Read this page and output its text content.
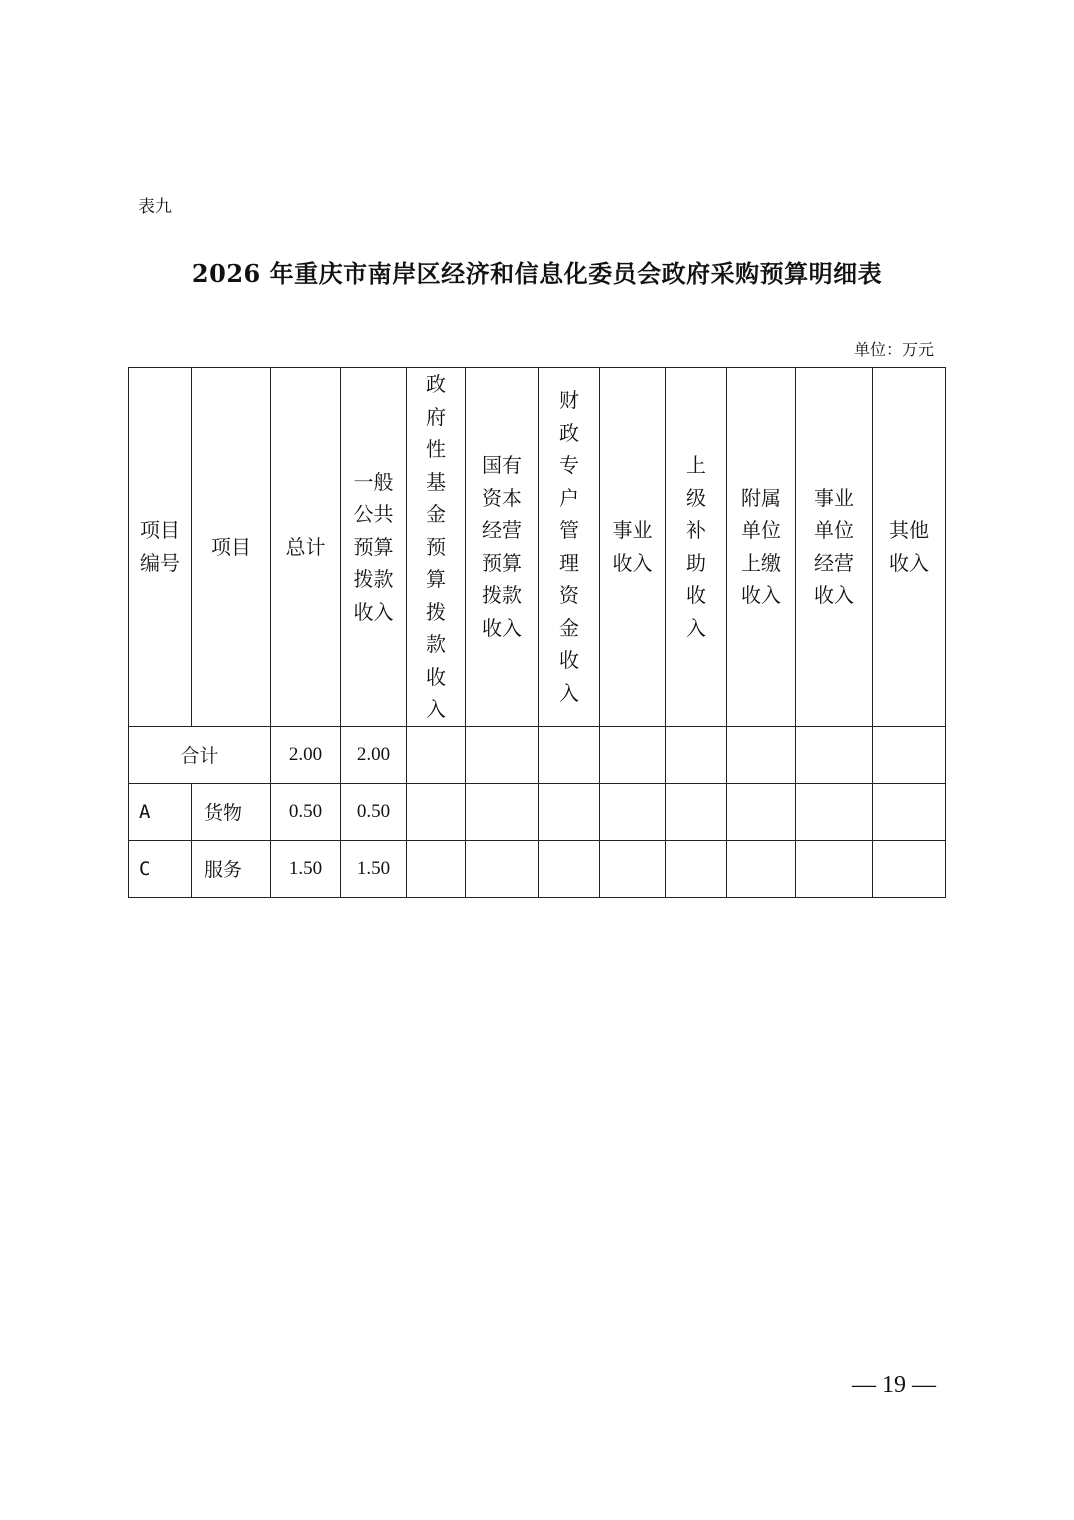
表九
2026 年重庆市南岸区经济和信息化委员会政府采购预算明细表
单位：万元
项目编号	项目	总计	一般公共预算拨款收入	政府性基金预算拨款收入	国有资本经营预算拨款收入	财政专户管理资金收入	事业收入	上级补助收入	附属单位上缴收入	事业单位经营收入	其他收入

合计		2.00	2.00								
A	货物	0.50	0.50								
C	服务	1.50	1.50								
— 19 —
